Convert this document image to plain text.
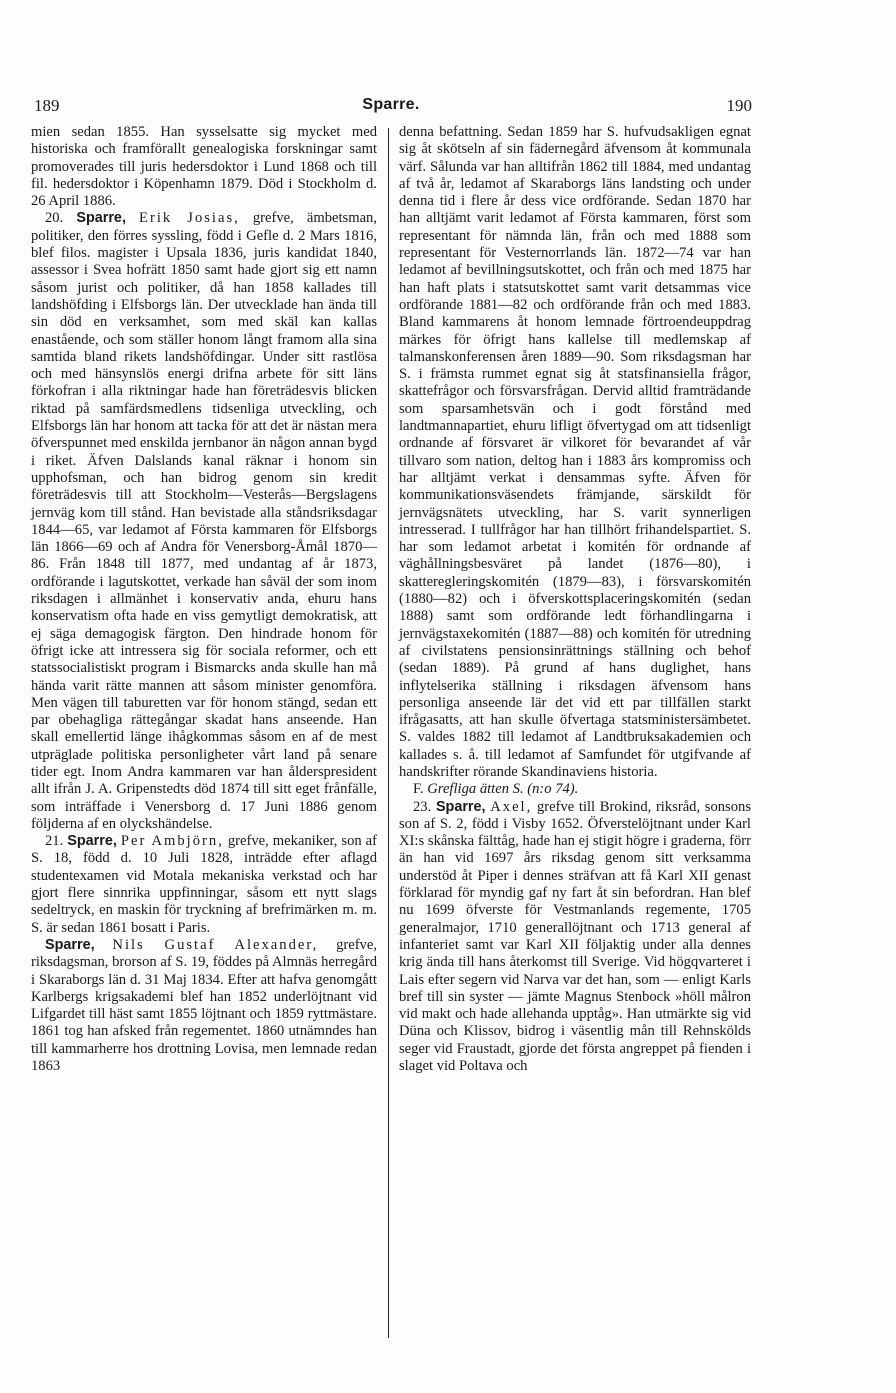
189	Sparre.	190

mien sedan 1855. Han sysselsatte sig mycket med historiska och framförallt genealogiska forskningar samt promoverades till juris hedersdoktor i Lund 1868 och till fil. hedersdoktor i Köpenhamn 1879. Död i Stockholm d. 26 April 1886.

20. Sparre, Erik Josias, grefve, ämbetsman, politiker, den förres syssling, född i Gefle d. 2 Mars 1816, blef filos. magister i Upsala 1836, juris kandidat 1840, assessor i Svea hofrätt 1850 samt hade gjort sig ett namn såsom jurist och politiker, då han 1858 kallades till landshöfding i Elfsborgs län. Der utvecklade han ända till sin död en verksamhet, som med skäl kan kallas enastående, och som ställer honom långt framom alla sina samtida bland rikets landshöfdingar. Under sitt rastlösa och med hänsynslös energi drifna arbete för sitt läns förkofran i alla riktningar hade han företrädesvis blicken riktad på samfärdsmedlens tidsenliga utveckling, och Elfsborgs län har honom att tacka för att det är nästan mera öfverspunnet med enskilda jernbanor än någon annan bygd i riket. Äfven Dalslands kanal räknar i honom sin upphofsman, och han bidrog genom sin kredit företrädesvis till att Stockholm—Vesterås—Bergslagens jernväg kom till stånd. Han bevistade alla ståndsriksdagar 1844—65, var ledamot af Första kammaren för Elfsborgs län 1866—69 och af Andra för Venersborg-Åmål 1870—86. Från 1848 till 1877, med undantag af år 1873, ordförande i lagutskottet, verkade han såväl der som inom riksdagen i allmänhet i konservativ anda, ehuru hans konservatism ofta hade en viss gemytligt demokratisk, att ej säga demagogisk färgton. Den hindrade honom för öfrigt icke att intressera sig för sociala reformer, och ett statssocialistiskt program i Bismarcks anda skulle han må hända varit rätte mannen att såsom minister genomföra. Men vägen till taburetten var för honom stängd, sedan ett par obehagliga rättegångar skadat hans anseende. Han skall emellertid länge ihågkommas såsom en af de mest utpräglade politiska personligheter vårt land på senare tider egt. Inom Andra kammaren var han ålderspresident allt ifrån J. A. Gripenstedts död 1874 till sitt eget frånfälle, som inträffade i Venersborg d. 17 Juni 1886 genom följderna af en olyckshändelse.

21. Sparre, Per Ambjörn, grefve, mekaniker, son af S. 18, född d. 10 Juli 1828, inträdde efter aflagd studentexamen vid Motala mekaniska verkstad och har gjort flere sinnrika uppfinningar, såsom ett nytt slags sedeltryck, en maskin för tryckning af brefrimärken m. m. S. är sedan 1861 bosatt i Paris.

Sparre, Nils Gustaf Alexander, grefve, riksdagsman, brorson af S. 19, föddes på Almnäs herregård i Skaraborgs län d. 31 Maj 1834. Efter att hafva genomgått Karlbergs krigsakademi blef han 1852 underlöjtnant vid Lifgardet till häst samt 1855 löjtnant och 1859 ryttmästare. 1861 tog han afsked från regementet. 1860 utnämndes han till kammarherre hos drottning Lovisa, men lemnade redan 1863

denna befattning. Sedan 1859 har S. hufvudsakligen egnat sig åt skötseln af sin fädernegård äfvensom åt kommunala värf. Sålunda var han alltifrån 1862 till 1884, med undantag af två år, ledamot af Skaraborgs läns landsting och under denna tid i flere år dess vice ordförande. Sedan 1870 har han alltjämt varit ledamot af Första kammaren, först som representant för nämnda län, från och med 1888 som representant för Vesternorrlands län. 1872—74 var han ledamot af bevillningsutskottet, och från och med 1875 har han haft plats i statsutskottet samt varit detsammas vice ordförande 1881—82 och ordförande från och med 1883. Bland kammarens åt honom lemnade förtroendeuppdrag märkes för öfrigt hans kallelse till medlemskap af talmanskonferensen åren 1889—90. Som riksdagsman har S. i främsta rummet egnat sig åt statsfinansiella frågor, skattefrågor och försvarsfrågan. Dervid alltid framträdande som sparsamhetsvän och i godt förstånd med landtmannapartiet, ehuru lifligt öfvertygad om att tidsenligt ordnande af försvaret är vilkoret för bevarandet af vår tillvaro som nation, deltog han i 1883 års kompromiss och har alltjämt verkat i densammas syfte. Äfven för kommunikationsväsendets främjande, särskildt för jernvägsnätets utveckling, har S. varit synnerligen intresserad. I tullfrågor har han tillhört frihandelspartiet. S. har som ledamot arbetat i komitén för ordnande af väghållningsbesväret på landet (1876—80), i skatteregleringskomitén (1879—83), i försvarskomitén (1880—82) och i öfverskottsplaceringskomitén (sedan 1888) samt som ordförande ledt förhandlingarna i jernvägstaxekomitén (1887—88) och komitén för utredning af civilstatens pensionsinrättnings ställning och behof (sedan 1889). På grund af hans duglighet, hans inflytelserika ställning i riksdagen äfvensom hans personliga anseende lär det vid ett par tillfällen starkt ifrågasatts, att han skulle öfvertaga statsministersämbetet. S. valdes 1882 till ledamot af Landtbruksakademien och kallades s. å. till ledamot af Samfundet för utgifvande af handskrifter rörande Skandinaviens historia.

F. Grefliga ätten S. (n:o 74).

23. Sparre, Axel, grefve till Brokind, riksråd, sonsons son af S. 2, född i Visby 1652. Öfverstelöjtnant under Karl XI:s skånska fälttåg, hade han ej stigit högre i graderna, förr än han vid 1697 års riksdag genom sitt verksamma understöd åt Piper i dennes sträfvan att få Karl XII genast förklarad för myndig gaf ny fart åt sin befordran. Han blef nu 1699 öfverste för Vestmanlands regemente, 1705 generalmajor, 1710 generallöjtnant och 1713 general af infanteriet samt var Karl XII följaktig under alla dennes krig ända till hans återkomst till Sverige. Vid högqvarteret i Lais efter segern vid Narva var det han, som — enligt Karls bref till sin syster — jämte Magnus Stenbock »höll målron vid makt och hade allehanda upptåg». Han utmärkte sig vid Düna och Klissov, bidrog i väsentlig mån till Rehnskölds seger vid Fraustadt, gjorde det första angreppet på fienden i slaget vid Poltava och
